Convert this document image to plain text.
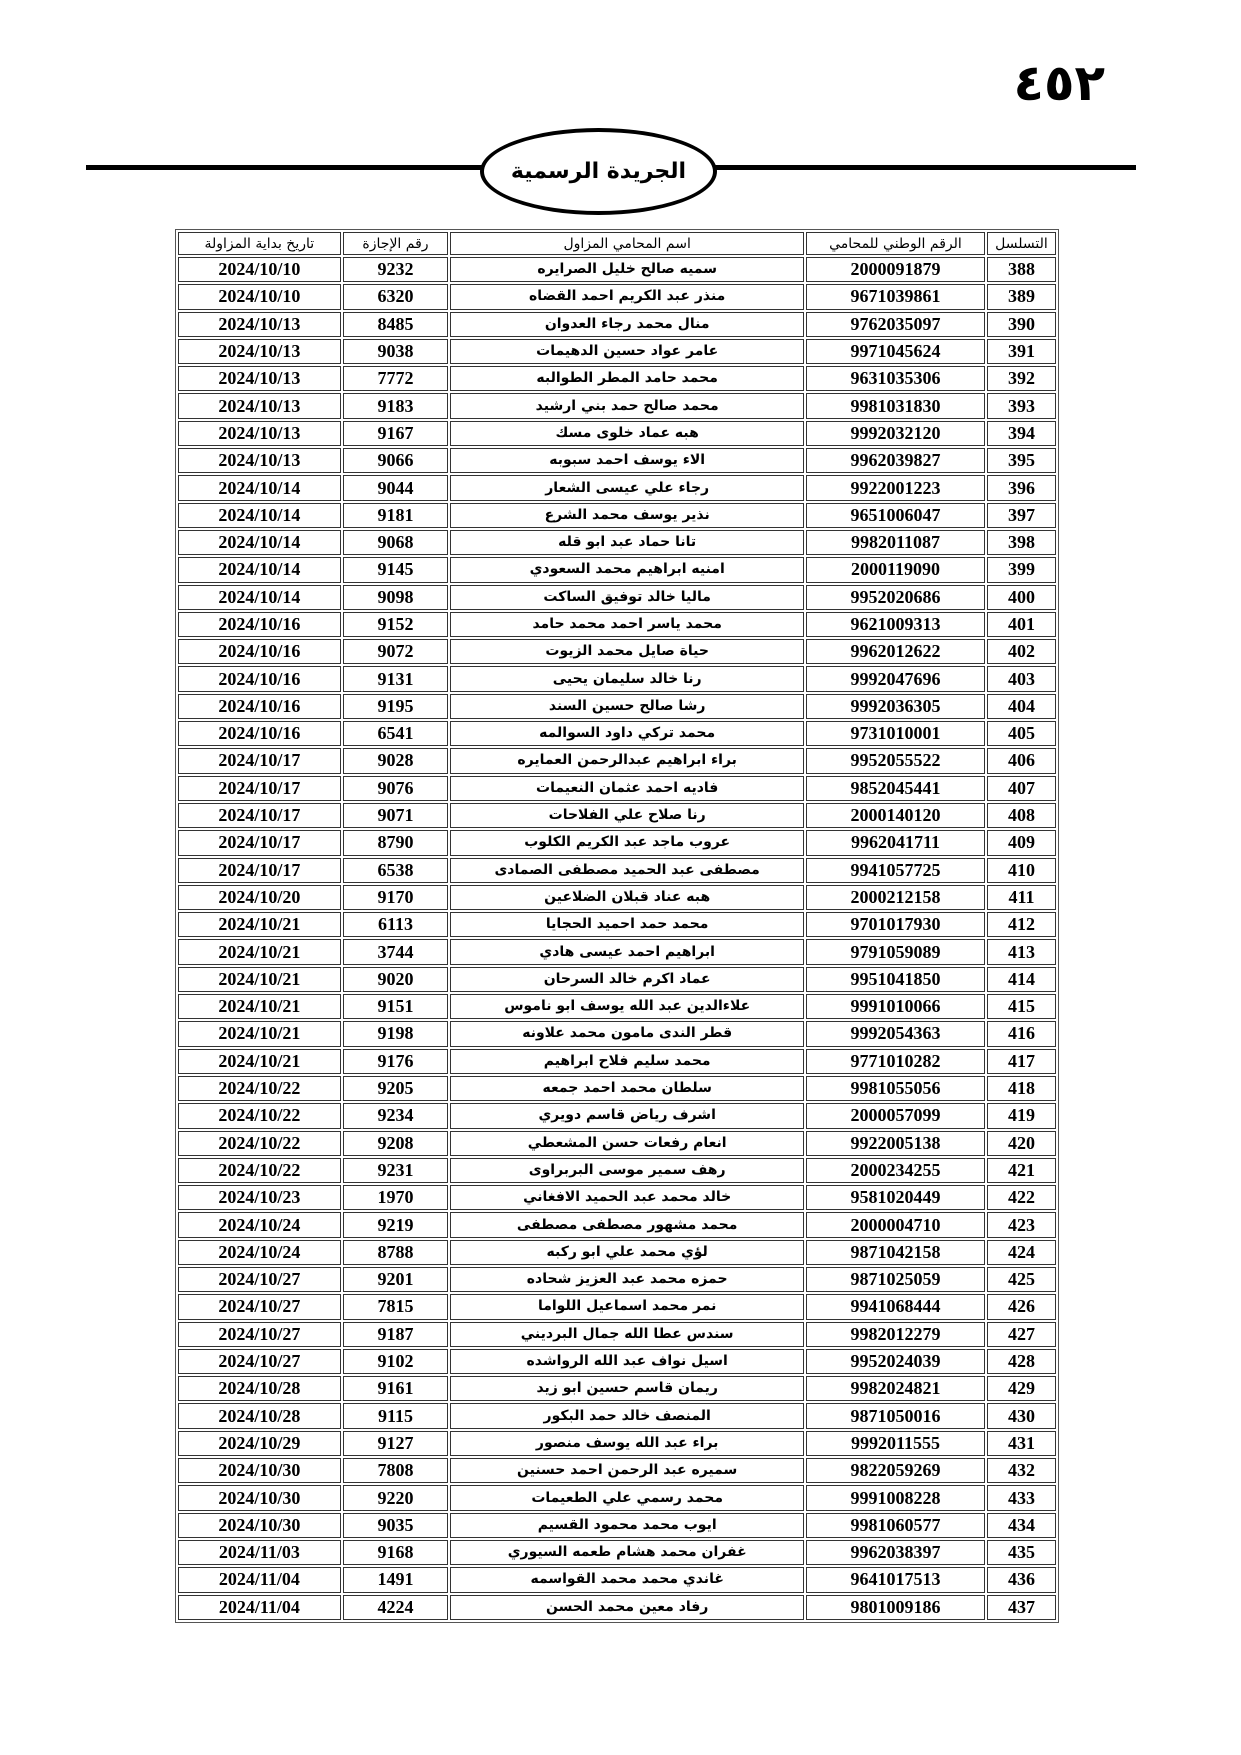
٤٥٢
الجريدة الرسمية
التسلسل	الرقم الوطني للمحامي	اسم المحامي المزاول	رقم الإجازة	تاريخ بداية المزاولة
388	2000091879	سميه صالح خليل الصرايره	9232	2024/10/10
389	9671039861	منذر عبد الكريم احمد القضاه	6320	2024/10/10
390	9762035097	منال محمد رجاء العدوان	8485	2024/10/13
391	9971045624	عامر عواد حسين الدهيمات	9038	2024/10/13
392	9631035306	محمد حامد المطر الطوالبه	7772	2024/10/13
393	9981031830	محمد صالح حمد بني ارشيد	9183	2024/10/13
394	9992032120	هبه عماد خلوى مسك	9167	2024/10/13
395	9962039827	الاء يوسف احمد سبوبه	9066	2024/10/13
396	9922001223	رجاء علي عيسى الشعار	9044	2024/10/14
397	9651006047	نذير يوسف محمد الشرع	9181	2024/10/14
398	9982011087	تانا حماد عبد ابو قله	9068	2024/10/14
399	2000119090	امنيه ابراهيم محمد السعودي	9145	2024/10/14
400	9952020686	ماليا خالد توفيق الساكت	9098	2024/10/14
401	9621009313	محمد ياسر احمد محمد حامد	9152	2024/10/16
402	9962012622	حياة صايل محمد الزيوت	9072	2024/10/16
403	9992047696	رنا خالد سليمان يحيى	9131	2024/10/16
404	9992036305	رشا صالح حسين السند	9195	2024/10/16
405	9731010001	محمد تركي داود السوالمه	6541	2024/10/16
406	9952055522	براء ابراهيم عبدالرحمن العمايره	9028	2024/10/17
407	9852045441	فاديه احمد عثمان النعيمات	9076	2024/10/17
408	2000140120	رنا صلاح علي الفلاحات	9071	2024/10/17
409	9962041711	عروب ماجد عبد الكريم الكلوب	8790	2024/10/17
410	9941057725	مصطفى عبد الحميد مصطفى الصمادى	6538	2024/10/17
411	2000212158	هبه عناد قبلان الضلاعين	9170	2024/10/20
412	9701017930	محمد حمد احميد الحجايا	6113	2024/10/21
413	9791059089	ابراهيم احمد عيسى هادي	3744	2024/10/21
414	9951041850	عماد اكرم خالد السرحان	9020	2024/10/21
415	9991010066	علاءالدين عبد الله يوسف ابو ناموس	9151	2024/10/21
416	9992054363	قطر الندى مامون محمد علاونه	9198	2024/10/21
417	9771010282	محمد سليم فلاح ابراهيم	9176	2024/10/21
418	9981055056	سلطان محمد احمد جمعه	9205	2024/10/22
419	2000057099	اشرف رياض قاسم دويري	9234	2024/10/22
420	9922005138	انعام رفعات حسن المشعطي	9208	2024/10/22
421	2000234255	رهف سمير موسى البربراوى	9231	2024/10/22
422	9581020449	خالد محمد عبد الحميد الافغاني	1970	2024/10/23
423	2000004710	محمد مشهور مصطفى مصطفى	9219	2024/10/24
424	9871042158	لؤي محمد علي ابو ركبه	8788	2024/10/24
425	9871025059	حمزه محمد عبد العزيز شحاده	9201	2024/10/27
426	9941068444	نمر محمد اسماعيل اللواما	7815	2024/10/27
427	9982012279	سندس عطا الله جمال البرديني	9187	2024/10/27
428	9952024039	اسيل نواف عبد الله الرواشده	9102	2024/10/27
429	9982024821	ريمان قاسم حسين ابو زيد	9161	2024/10/28
430	9871050016	المنصف خالد حمد البكور	9115	2024/10/28
431	9992011555	براء عبد الله يوسف منصور	9127	2024/10/29
432	9822059269	سميره عبد الرحمن احمد حسنين	7808	2024/10/30
433	9991008228	محمد رسمي علي الطعيمات	9220	2024/10/30
434	9981060577	ايوب محمد محمود القسيم	9035	2024/10/30
435	9962038397	غفران محمد هشام طعمه السيوري	9168	2024/11/03
436	9641017513	غاندي محمد محمد القواسمه	1491	2024/11/04
437	9801009186	رفاد معين محمد الحسن	4224	2024/11/04
